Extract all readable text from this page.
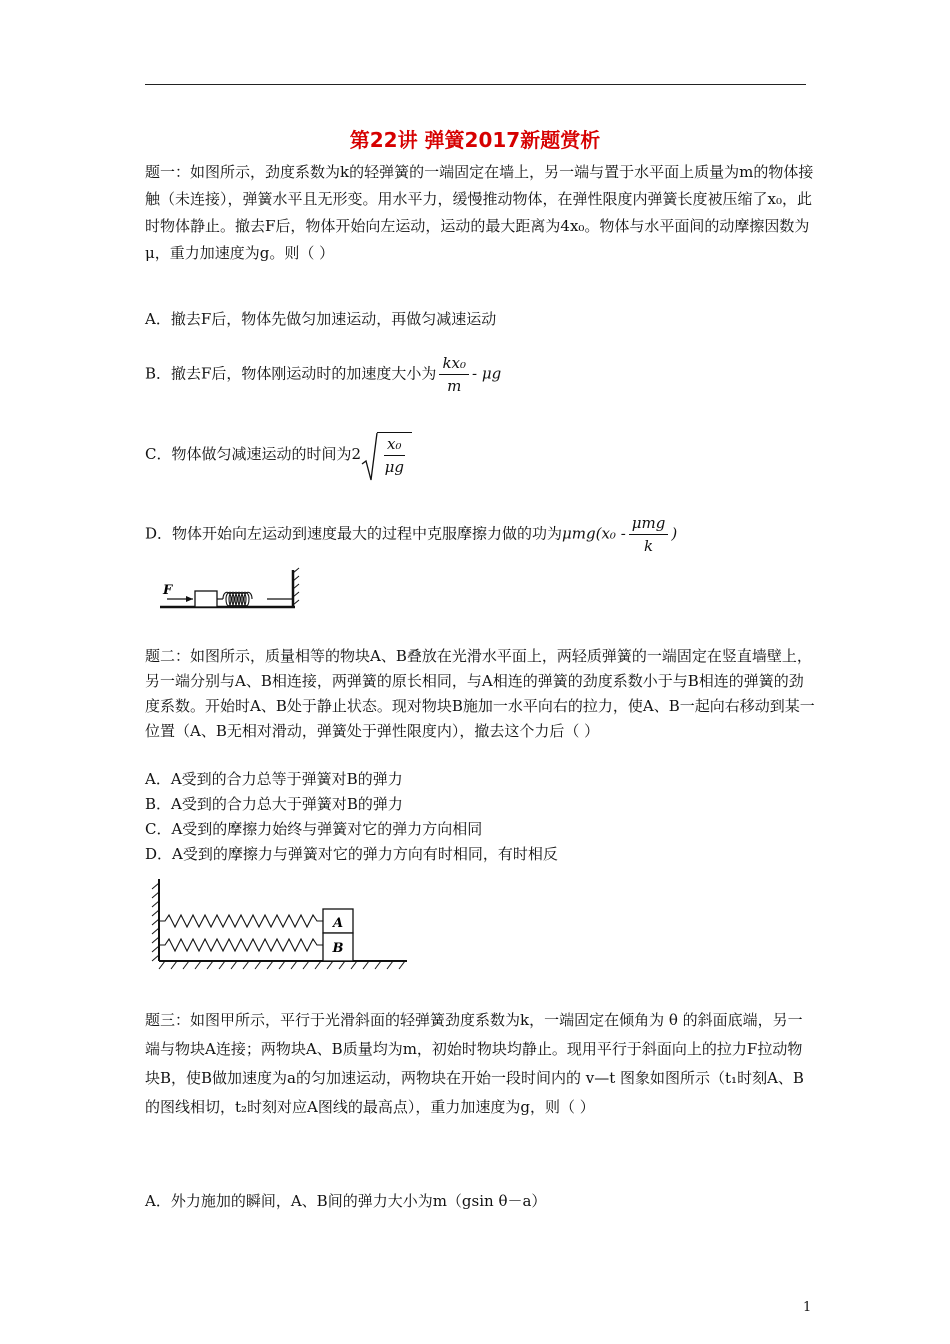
第22讲 弹簧2017新题赏析
题一：如图所示，劲度系数为k的轻弹簧的一端固定在墙上，另一端与置于水平面上质量为m的物体接触（未连接），弹簧水平且无形变。用水平力，缓慢推动物体，在弹性限度内弹簧长度被压缩了x₀，此时物体静止。撤去F后，物体开始向左运动，运动的最大距离为4x₀。物体与水平面间的动摩擦因数为 μ，重力加速度为g。则（ ）
A．撤去F后，物体先做匀加速运动，再做匀减速运动
B．撤去F后，物体刚运动时的加速度大小为 $\frac{\text{kx₀}}{m}$ - μg
C．物体做匀减速运动的时间为$2 \frac{\text{x₀}}{\mu g}$
D．物体开始向左运动到速度最大的过程中克服摩擦力做的功为$\mu mg(x_0 - \frac{\text{μmg}}{k}$ )
F
题二：如图所示，质量相等的物块A、B叠放在光滑水平面上，两轻质弹簧的一端固定在竖直墙壁上，另一端分别与A、B相连接，两弹簧的原长相同，与A相连的弹簧的劲度系数小于与B相连的弹簧的劲度系数。开始时A、B处于静止状态。现对物块B施加一水平向右的拉力，使A、B一起向右移动到某一位置（A、B无相对滑动，弹簧处于弹性限度内），撤去这个力后（ ）
A．A受到的合力总等于弹簧对B的弹力
B．A受到的合力总大于弹簧对B的弹力
C．A受到的摩擦力始终与弹簧对它的弹力方向相同
D．A受到的摩擦力与弹簧对它的弹力方向有时相同，有时相反
A
B
题三：如图甲所示，平行于光滑斜面的轻弹簧劲度系数为k，一端固定在倾角为 θ 的斜面底端，另一端与物块A连接；两物块A、B质量均为m，初始时物块均静止。现用平行于斜面向上的拉力F拉动物块B，使B做加速度为a的匀加速运动，两物块在开始一段时间内的 v—t 图象如图所示（t₁时刻A、B的图线相切，t₂时刻对应A图线的最高点），重力加速度为g，则（ ）
A．外力施加的瞬间，A、B间的弹力大小为m（gsin θ－a）
1
